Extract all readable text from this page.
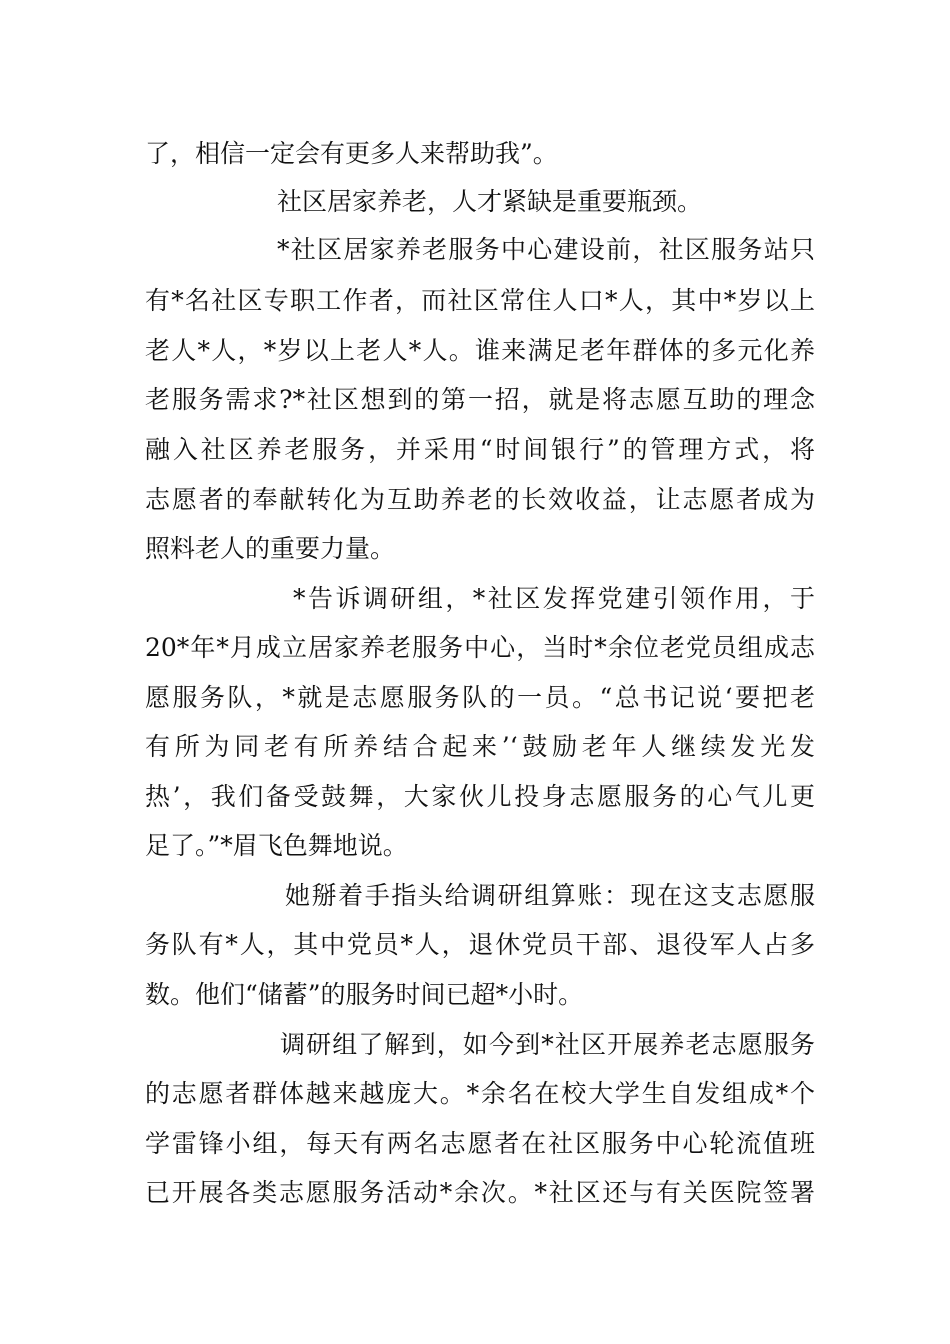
了，相信一定会有更多人来帮助我”。
社区居家养老，人才紧缺是重要瓶颈。
*社区居家养老服务中心建设前，社区服务站只
有*名社区专职工作者，而社区常住人口*人，其中*岁以上
老人*人，*岁以上老人*人。谁来满足老年群体的多元化养
老服务需求?*社区想到的第一招，就是将志愿互助的理念
融入社区养老服务，并采用“时间银行”的管理方式，将
志愿者的奉献转化为互助养老的长效收益，让志愿者成为
照料老人的重要力量。
*告诉调研组，*社区发挥党建引领作用，于
20*年*月成立居家养老服务中心，当时*余位老党员组成志
愿服务队，*就是志愿服务队的一员。“总书记说‘要把老
有所为同老有所养结合起来’‘鼓励老年人继续发光发
热’，我们备受鼓舞，大家伙儿投身志愿服务的心气儿更
足了。”*眉飞色舞地说。
她掰着手指头给调研组算账：现在这支志愿服
务队有*人，其中党员*人，退休党员干部、退役军人占多
数。他们“储蓄”的服务时间已超*小时。
调研组了解到，如今到*社区开展养老志愿服务
的志愿者群体越来越庞大。*余名在校大学生自发组成*个
学雷锋小组，每天有两名志愿者在社区服务中心轮流值班
已开展各类志愿服务活动*余次。*社区还与有关医院签署
